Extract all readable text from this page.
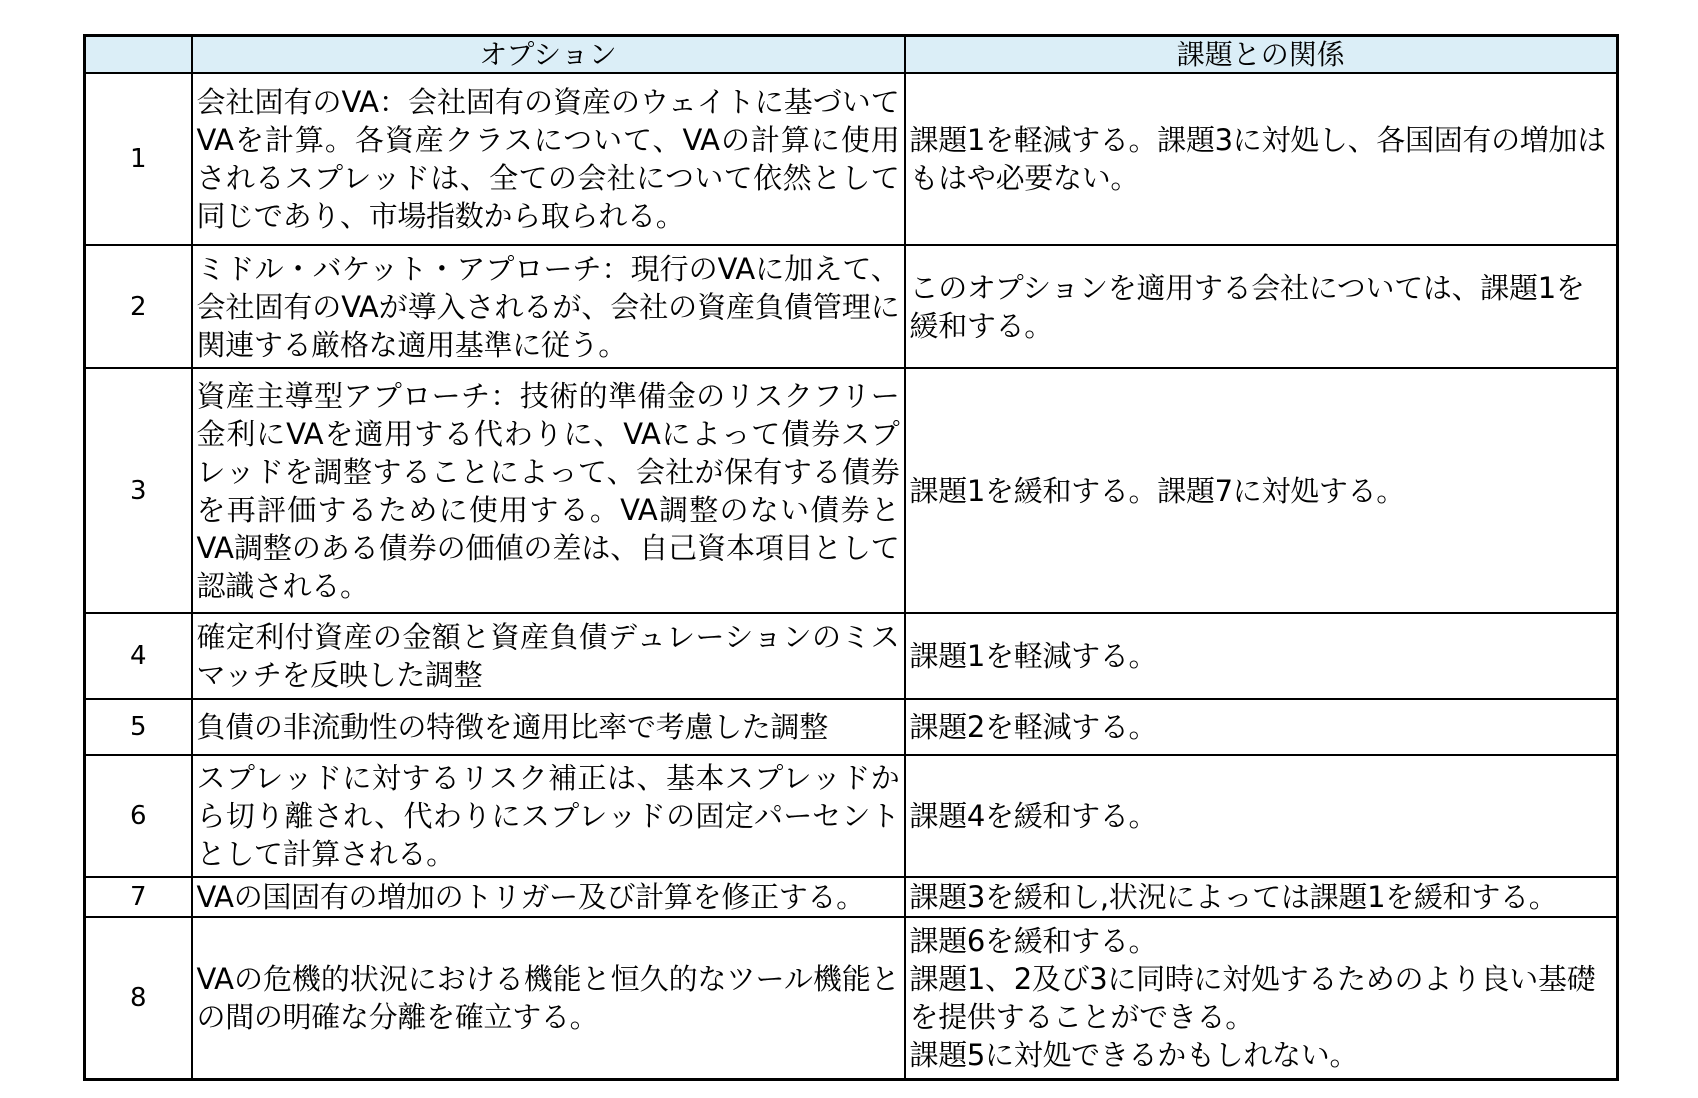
	オプション	課題との関係
1	会社固有のVA：会社固有の資産のウェイトに基づいてVAを計算。各資産クラスについて、VAの計算に使用されるスプレッドは、全ての会社について依然として同じであり、市場指数から取られる。	課題1を軽減する。課題3に対処し、各国固有の増加はもはや必要ない。

2	ミドル・バケット・アプローチ：現行のVAに加えて、会社固有のVAが導入されるが、会社の資産負債管理に関連する厳格な適用基準に従う。	このオプションを適用する会社については、課題1を緩和する。

3	資産主導型アプローチ：技術的準備金のリスクフリー金利にVAを適用する代わりに、VAによって債券スプレッドを調整することによって、会社が保有する債券を再評価するために使用する。VA調整のない債券とVA調整のある債券の価値の差は、自己資本項目として認識される。	課題1を緩和する。課題7に対処する。

4	確定利付資産の金額と資産負債デュレーションのミスマッチを反映した調整	課題1を軽減する。

5	負債の非流動性の特徴を適用比率で考慮した調整	課題2を軽減する。

6	スプレッドに対するリスク補正は、基本スプレッドから切り離され、代わりにスプレッドの固定パーセントとして計算される。	課題4を緩和する。

7	VAの国固有の増加のトリガー及び計算を修正する。	課題3を緩和し,状況によっては課題1を緩和する。

8	VAの危機的状況における機能と恒久的なツール機能との間の明確な分離を確立する。	課題6を緩和する。
課題1、2及び3に同時に対処するためのより良い基礎を提供することができる。
課題5に対処できるかもしれない。
